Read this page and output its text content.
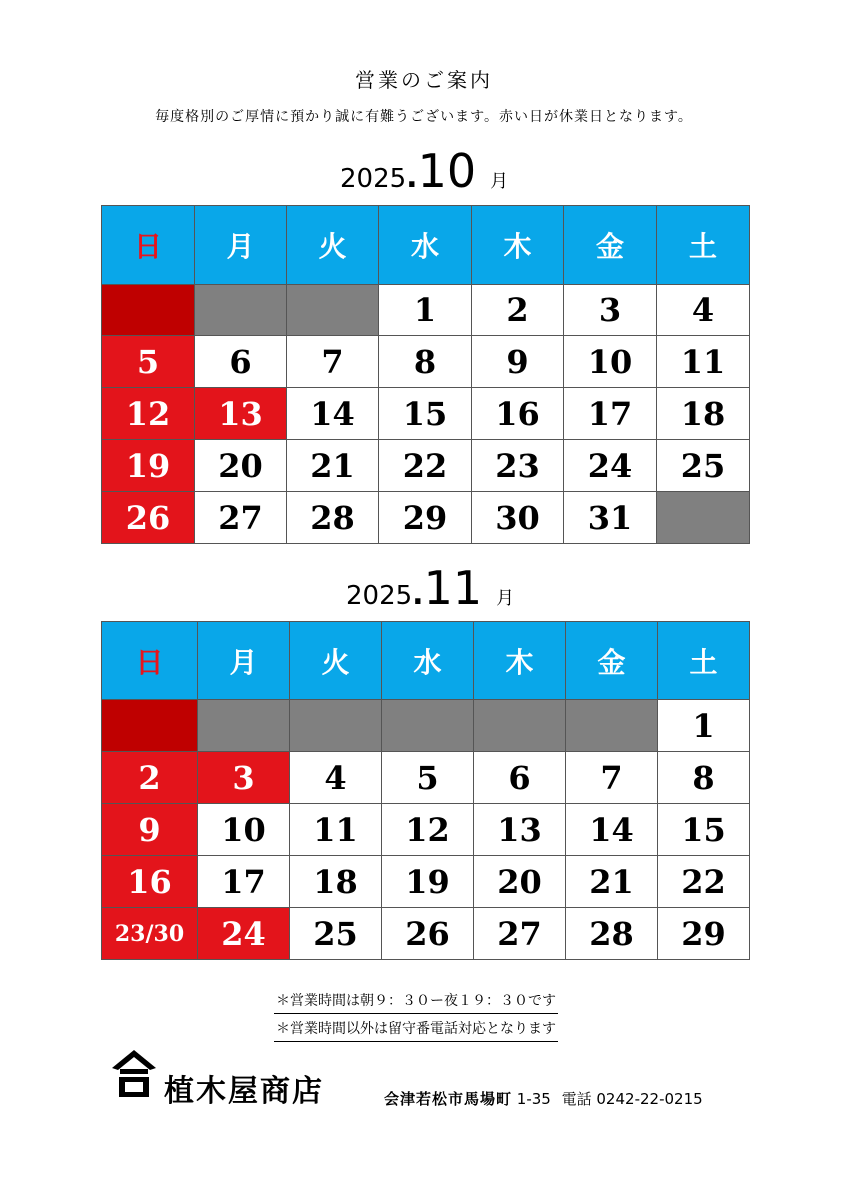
営業のご案内
毎度格別のご厚情に預かり誠に有難うございます。赤い日が休業日となります。
2025.10 月
日	月	火	水	木	金	土
			1	2	3	4
5	6	7	8	9	10	11
12	13	14	15	16	17	18
19	20	21	22	23	24	25
26	27	28	29	30	31	
2025.11 月
日	月	火	水	木	金	土
						1
2	3	4	5	6	7	8
9	10	11	12	13	14	15
16	17	18	19	20	21	22
23/30	24	25	26	27	28	29
＊営業時間は朝９：３０ー夜１９：３０です
＊営業時間以外は留守番電話対応となります
植木屋商店	会津若松市馬場町 1-35 電話 0242-22-0215
